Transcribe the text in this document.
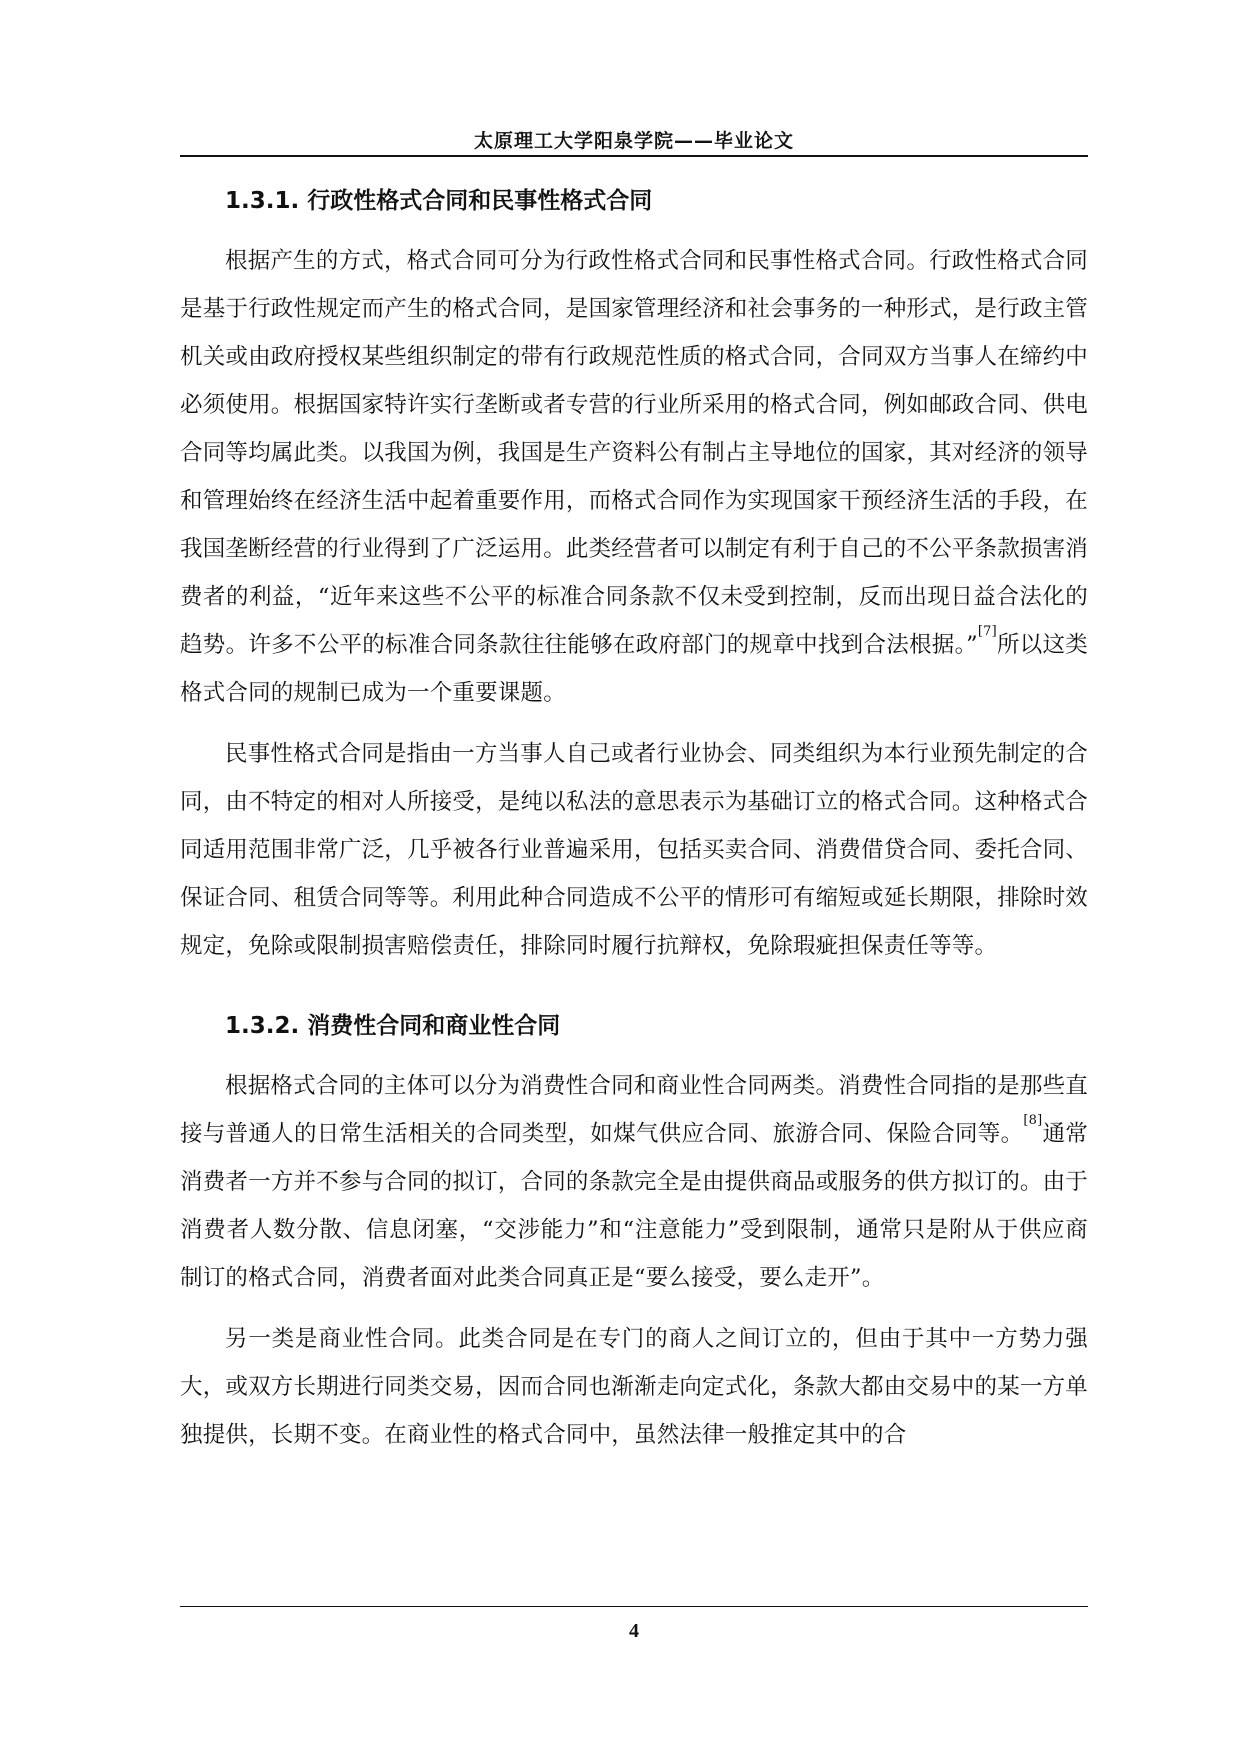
太原理工大学阳泉学院——毕业论文
1.3.1. 行政性格式合同和民事性格式合同

根据产生的方式，格式合同可分为行政性格式合同和民事性格式合同。行政性格式合同是基于行政性规定而产生的格式合同，是国家管理经济和社会事务的一种形式，是行政主管机关或由政府授权某些组织制定的带有行政规范性质的格式合同，合同双方当事人在缔约中必须使用。根据国家特许实行垄断或者专营的行业所采用的格式合同，例如邮政合同、供电合同等均属此类。以我国为例，我国是生产资料公有制占主导地位的国家，其对经济的领导和管理始终在经济生活中起着重要作用，而格式合同作为实现国家干预经济生活的手段，在我国垄断经营的行业得到了广泛运用。此类经营者可以制定有利于自己的不公平条款损害消费者的利益，“近年来这些不公平的标准合同条款不仅未受到控制，反而出现日益合法化的趋势。许多不公平的标准合同条款往往能够在政府部门的规章中找到合法根据。”[7]所以这类格式合同的规制已成为一个重要课题。

民事性格式合同是指由一方当事人自己或者行业协会、同类组织为本行业预先制定的合同，由不特定的相对人所接受，是纯以私法的意思表示为基础订立的格式合同。这种格式合同适用范围非常广泛，几乎被各行业普遍采用，包括买卖合同、消费借贷合同、委托合同、保证合同、租赁合同等等。利用此种合同造成不公平的情形可有缩短或延长期限，排除时效规定，免除或限制损害赔偿责任，排除同时履行抗辩权，免除瑕疵担保责任等等。

1.3.2. 消费性合同和商业性合同

根据格式合同的主体可以分为消费性合同和商业性合同两类。消费性合同指的是那些直接与普通人的日常生活相关的合同类型，如煤气供应合同、旅游合同、保险合同等。[8]通常消费者一方并不参与合同的拟订，合同的条款完全是由提供商品或服务的供方拟订的。由于消费者人数分散、信息闭塞，“交涉能力”和“注意能力”受到限制，通常只是附从于供应商制订的格式合同，消费者面对此类合同真正是“要么接受，要么走开”。

另一类是商业性合同。此类合同是在专门的商人之间订立的，但由于其中一方势力强大，或双方长期进行同类交易，因而合同也渐渐走向定式化，条款大都由交易中的某一方单独提供，长期不变。在商业性的格式合同中，虽然法律一般推定其中的合

4
